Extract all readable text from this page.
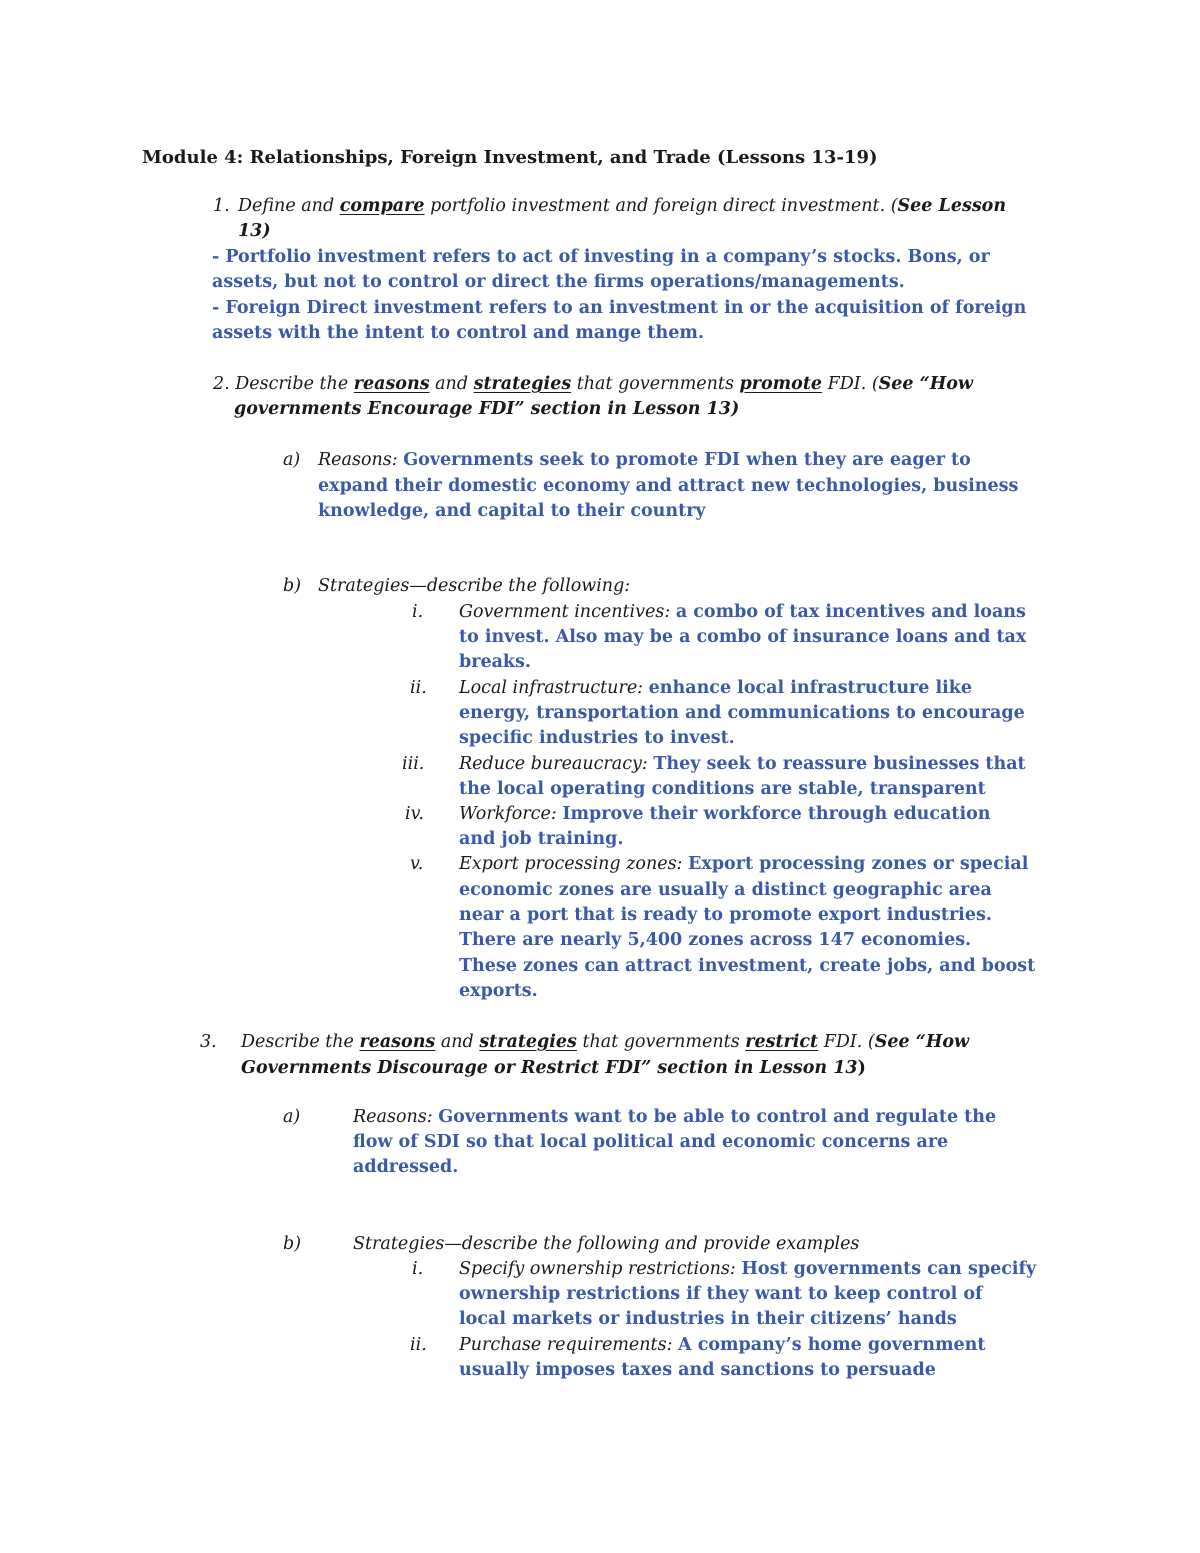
Module 4: Relationships, Foreign Investment, and Trade (Lessons 13-19)
1. Define and compare portfolio investment and foreign direct investment. (See Lesson
13)
- Portfolio investment refers to act of investing in a company’s stocks. Bons, or
assets, but not to control or direct the firms operations/managements.
- Foreign Direct investment refers to an investment in or the acquisition of foreign
assets with the intent to control and mange them.
2. Describe the reasons and strategies that governments promote FDI. (See “How
governments Encourage FDI” section in Lesson 13)
a) Reasons: Governments seek to promote FDI when they are eager to
expand their domestic economy and attract new technologies, business
knowledge, and capital to their country
b) Strategies—describe the following:
i. Government incentives: a combo of tax incentives and loans
to invest. Also may be a combo of insurance loans and tax
breaks.
ii. Local infrastructure: enhance local infrastructure like
energy, transportation and communications to encourage
specific industries to invest.
iii. Reduce bureaucracy: They seek to reassure businesses that
the local operating conditions are stable, transparent
iv. Workforce: Improve their workforce through education
and job training.
v. Export processing zones: Export processing zones or special
economic zones are usually a distinct geographic area
near a port that is ready to promote export industries.
There are nearly 5,400 zones across 147 economies.
These zones can attract investment, create jobs, and boost
exports.
3. Describe the reasons and strategies that governments restrict FDI. (See “How
Governments Discourage or Restrict FDI” section in Lesson 13)
a)	Reasons: Governments want to be able to control and regulate the
flow of SDI so that local political and economic concerns are
addressed.
b)	Strategies—describe the following and provide examples
i. Specify ownership restrictions: Host governments can specify
ownership restrictions if they want to keep control of
local markets or industries in their citizens’ hands
ii. Purchase requirements: A company’s home government
usually imposes taxes and sanctions to persuade
